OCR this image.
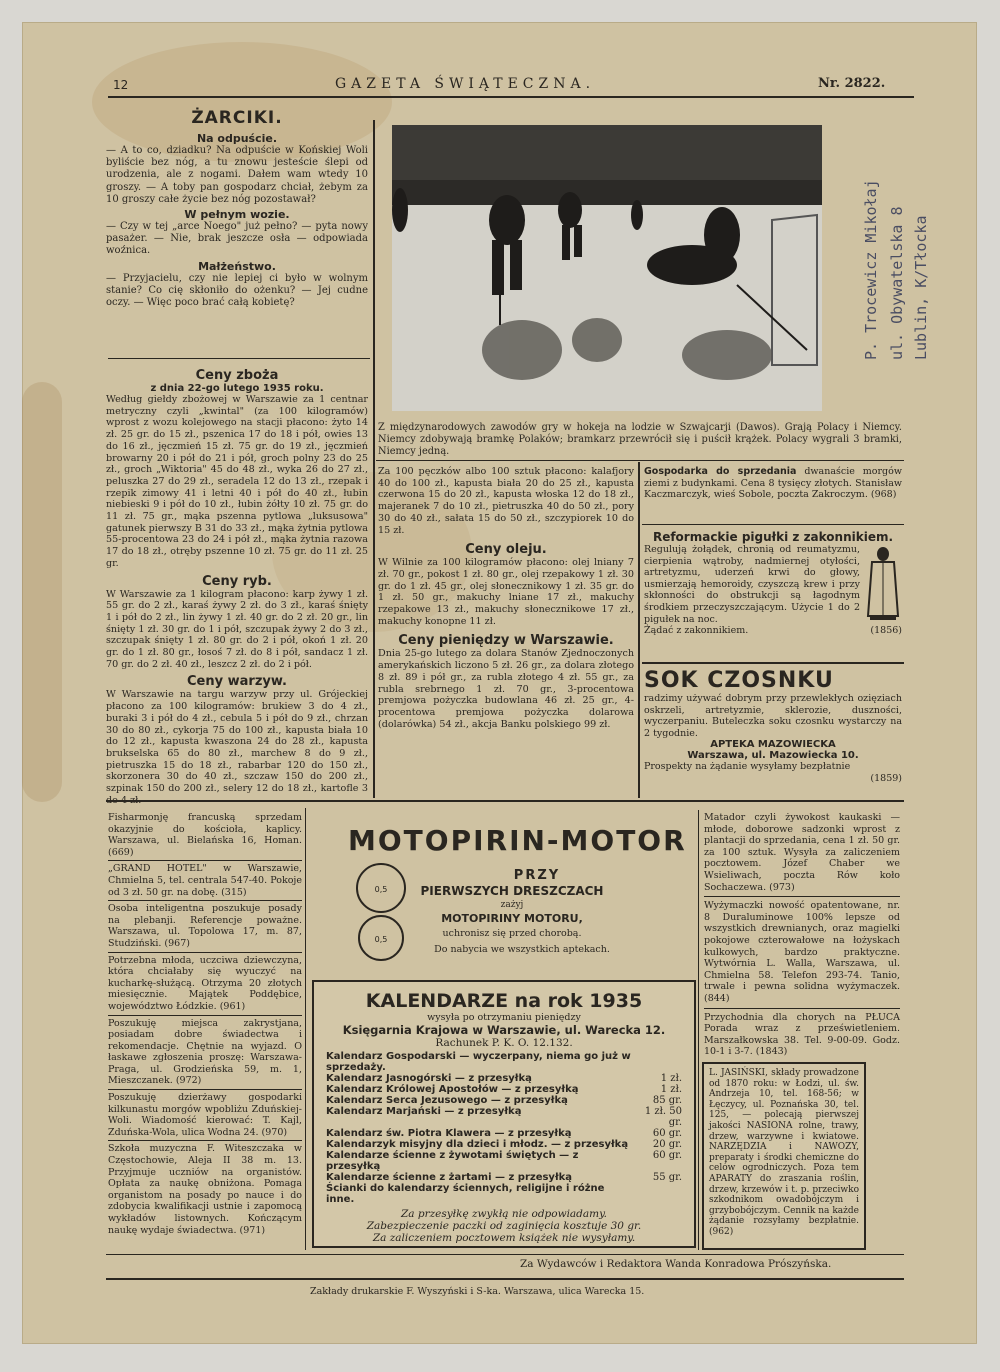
12	GAZETA ŚWIĄTECZNA.	Nr. 2822.

ŻARCIKI.

Na odpuście.

— A to co, dziadku? Na odpuście w Końskiej Woli byliście bez nóg, a tu znowu jesteście ślepi od urodzenia, ale z nogami. Dałem wam wtedy 10 groszy. — A toby pan gospodarz chciał, żebym za 10 groszy całe życie bez nóg pozostawał?

W pełnym wozie.

— Czy w tej „arce Noego" już pełno? — pyta nowy pasażer. — Nie, brak jeszcze osła — odpowiada woźnica.

Małżeństwo.

— Przyjacielu, czy nie lepiej ci było w wolnym stanie? Co cię skłoniło do ożenku? — Jej cudne oczy. — Więc poco brać całą kobietę?

Ceny zboża

z dnia 22-go lutego 1935 roku.

Według giełdy zbożowej w Warszawie za 1 centnar metryczny czyli „kwintal" (za 100 kilogramów) wprost z wozu kolejowego na stacji płacono: żyto 14 zł. 25 gr. do 15 zł., pszenica 17 do 18 i pół, owies 13 do 16 zł., jęczmień 15 zł. 75 gr. do 19 zł., jęczmień browarny 20 i pół do 21 i pół, groch polny 23 do 25 zł., groch „Wiktoria" 45 do 48 zł., wyka 26 do 27 zł., peluszka 27 do 29 zł., seradela 12 do 13 zł., rzepak i rzepik zimowy 41 i letni 40 i pół do 40 zł., łubin niebieski 9 i pół do 10 zł., łubin żółty 10 zł. 75 gr. do 11 zł. 75 gr., mąka pszenna pytlowa „luksusowa" gatunek pierwszy B 31 do 33 zł., mąka żytnia pytlowa 55-procentowa 23 do 24 i pół zł., mąka żytnia razowa 17 do 18 zł., otręby pszenne 10 zł. 75 gr. do 11 zł. 25 gr.

Ceny ryb.

W Warszawie za 1 kilogram płacono: karp żywy 1 zł. 55 gr. do 2 zł., karaś żywy 2 zł. do 3 zł., karaś śnięty 1 i pół do 2 zł., lin żywy 1 zł. 40 gr. do 2 zł. 20 gr., lin śnięty 1 zł. 30 gr. do 1 i pół, szczupak żywy 2 do 3 zł., szczupak śnięty 1 zł. 80 gr. do 2 i pół, okoń 1 zł. 20 gr. do 1 zł. 80 gr., łosoś 7 zł. do 8 i pół, sandacz 1 zł. 70 gr. do 2 zł. 40 zł., leszcz 2 zł. do 2 i pół.

Ceny warzyw.

W Warszawie na targu warzyw przy ul. Grójeckiej płacono za 100 kilogramów: brukiew 3 do 4 zł., buraki 3 i pół do 4 zł., cebula 5 i pół do 9 zł., chrzan 30 do 80 zł., cykorja 75 do 100 zł., kapusta biała 10 do 12 zł., kapusta kwaszona 24 do 28 zł., kapusta brukselska 65 do 80 zł., marchew 8 do 9 zł., pietruszka 15 do 18 zł., rabarbar 120 do 150 zł., skorzonera 30 do 40 zł., szczaw 150 do 200 zł., szpinak 150 do 200 zł., selery 12 do 18 zł., kartofle 3

Z międzynarodowych zawodów gry w hokeja na lodzie w Szwajcarji (Dawos). Grają Polacy i Niemcy. Niemcy zdobywają bramkę Polaków; bramkarz przewrócił się i puścił krążek. Polacy wygrali 3 bramki, Niemcy jedną.

P. Trocewicz Mikołaj ul. Obywatelska 8 Lublin, K/Tłocka

Za 100 pęczków albo 100 sztuk płacono: kalafjory 40 do 100 zł., kapusta biała 20 do 25 zł., kapusta czerwona 15 do 20 zł., kapusta włoska 12 do 18 zł., majeranek 7 do 10 zł., pietruszka 40 do 50 zł., pory 30 do 40 zł., sałata 15 do 50 zł., szczypiorek 10 do 15 zł.

Ceny oleju.

W Wilnie za 100 kilogramów płacono: olej lniany 7 zł. 70 gr., pokost 1 zł. 80 gr., olej rzepakowy 1 zł. 30 gr. do 1 zł. 45 gr., olej słonecznikowy 1 zł. 35 gr. do 1 zł. 50 gr., makuchy lniane 17 zł., makuchy rzepakowe 13 zł., makuchy słonecznikowe 17 zł., makuchy konopne 11 zł.

Ceny pieniędzy w Warszawie.

Dnia 25-go lutego za dolara Stanów Zjednoczonych amerykańskich liczono 5 zł. 26 gr., za dolara złotego 8 zł. 89 i pół gr., za rubla złotego 4 zł. 55 gr., za rubla srebrnego 1 zł. 70 gr., 3-procentowa premjowa pożyczka budowlana 46 zł. 25 gr., 4-procentowa premjowa pożyczka dolarowa (dolarówka) 54 zł., akcja Banku polskiego 99 zł.

Gospodarka do sprzedania dwanaście morgów ziemi z budynkami. Cena 8 tysięcy złotych. Stanisław Kaczmarczyk, wieś Sobole, poczta Zakroczym. (968)

Reformackie pigułki z zakonnikiem.

Regulują żołądek, chronią od reumatyzmu, cierpienia wątroby, nadmiernej otyłości, artretyzmu, uderzeń krwi do głowy, usmierzają hemoroidy, czyszczą krew i przy skłonności do obstrukcji są łagodnym środkiem przeczyszczającym. Użycie 1 do 2 pigułek na noc.

Żądać z zakonnikiem.	(1856)

SOK CZOSNKU

radzimy używać dobrym przy przewlekłych ozięziach oskrzeli, artretyzmie, sklerozie, duszności, wyczerpaniu. Buteleczka soku czosnku wystarczy na 2 tygodnie.

APTEKA MAZOWIECKA

Warszawa, ul. Mazowiecka 10.

Prospekty na żądanie wysyłamy bezpłatnie

(1859)

Fisharmonję francuską sprzedam okazyjnie do kościoła, kaplicy. Warszawa, ul. Bielańska 16, Homan. (669)

„GRAND HOTEL" w Warszawie, Chmielna 5, tel. centrala 547-40. Pokoje od 3 zł. 50 gr. na dobę. (315)

Osoba inteligentna poszukuje posady na plebanji. Referencje poważne. Warszawa, ul. Topolowa 17, m. 87, Studziński. (967)

Potrzebna młoda, uczciwa dziewczyna, która chciałaby się wyuczyć na kucharkę-służącą. Otrzyma 20 złotych miesięcznie. Majątek Poddębice, województwo Łódzkie. (961)

Poszukuję miejsca zakrystjana, posiadam dobre świadectwa i rekomendacje. Chętnie na wyjazd. O łaskawe zgłoszenia proszę: Warszawa-Praga, ul. Grodzieńska 59, m. 1, Mieszczanek. (972)

Poszukuję dzierżawy gospodarki kilkunastu morgów wpobliżu Zduńskiej-Woli. Wiadomość kierować: T. Kajl, Zduńska-Wola, ulica Wodna 24. (970)

Szkoła muzyczna F. Witeszczaka w Częstochowie, Aleja II 38 m. 13. Przyjmuje uczniów na organistów. Opłata za naukę obniżona. Pomaga organistom na posady po nauce i do zdobycia kwalifikacji ustnie i zapomocą wykładów listownych. Kończącym naukę wydaje świadectwa. (971)

MOTOPIRIN-MOTOR
PRZY
PIERWSZYCH DRESZCZACH
zażyj
MOTOPIRINY MOTORU,
uchronisz się przed chorobą.
Do nabycia we wszystkich aptekach.
0,5
0,5
KALENDARZE na rok 1935
wysyła po otrzymaniu pieniędzy
Księgarnia Krajowa w Warszawie, ul. Warecka 12.
Rachunek P. K. O. 12.132.
Kalendarz Gospodarski — wyczerpany, niema go już w sprzedaży.
Kalendarz Jasnogórski — z przesyłką	1 zł.
Kalendarz Królowej Apostołów — z przesyłką	1 zł.
Kalendarz Serca Jezusowego — z przesyłką	85 gr.
Kalendarz Marjański — z przesyłką	1 zł. 50 gr.
Kalendarz św. Piotra Klawera — z przesyłką	60 gr.
Kalendarzyk misyjny dla dzieci i młodz. — z przesyłką	20 gr.
Kalendarze ścienne z żywotami świętych — z przesyłką
60 gr.
Kalendarze ścienne z żartami — z przesyłką	55 gr.
Ścianki do kalendarzy ściennych, religijne i różne inne.
Za przesyłkę zwykłą nie odpowiadamy.
Zabezpieczenie paczki od zaginięcia kosztuje 30 gr.
Za zaliczeniem pocztowem książek nie wysyłamy.

Matador czyli żywokost kaukaski — młode, doborowe sadzonki wprost z plantacji do sprzedania, cena 1 zł. 50 gr. za 100 sztuk. Wysyła za zaliczeniem pocztowem. Józef Chaber we Wsieliwach, poczta Rów koło Sochaczewa. (973)

Wyżymaczki nowość opatentowane, nr. 8 Duraluminowe 100% lepsze od wszystkich drewnianych, oraz magielki pokojowe czterowałowe na łożyskach kulkowych, bardzo praktyczne. Wytwórnia L. Walla, Warszawa, ul. Chmielna 58. Telefon 293-74. Tanio, trwale i pewna solidna wyżymaczek. (844)

Przychodnia dla chorych na PŁUCA Porada wraz z prześwietleniem. Marszałkowska 38. Tel. 9-00-09. Godz. 10-1 i 3-7. (1843)

L. JASIŃSKI, składy prowadzone od 1870 roku: w Łodzi, ul. św. Andrzeja 10, tel. 168-56; w Łęczycy, ul. Poznańska 30, tel. 125, — polecają pierwszej jakości NASIONA rolne, trawy, drzew, warzywne i kwiatowe. NARZĘDZIA i NAWOZY, preparaty i środki chemiczne do celów ogrodniczych. Poza tem APARATY do zraszania roślin, drzew, krzewów i t. p. przeciwko szkodnikom owadobójczym i grzybobójczym. Cennik na każde żądanie rozsyłamy bezpłatnie. (962)

Za Wydawców i Redaktora Wanda Konradowa Prószyńska.
Zakłady drukarskie F. Wyszyński i S-ka. Warszawa, ulica Warecka 15.
